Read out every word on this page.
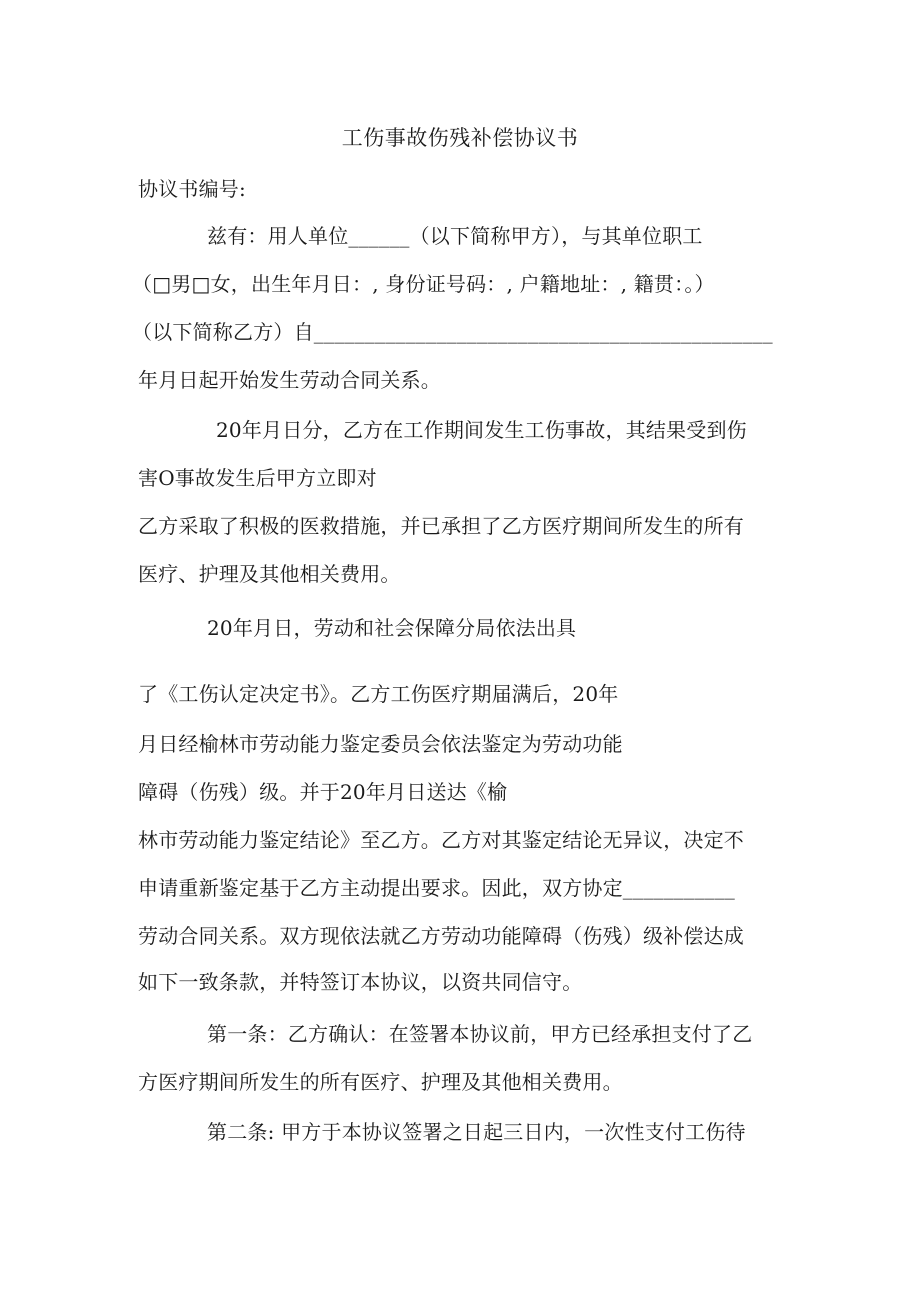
工伤事故伤残补偿协议书
协议书编号:
兹有：用人单位______（以下简称甲方），与其单位职工
（□男□女，出生年月日：, 身份证号码：, 户籍地址：, 籍贯：。）
（以下简称乙方）自_____________________________________________
年月日起开始发生劳动合同关系。
20年月日分，乙方在工作期间发生工伤事故，其结果受到伤
害O事故发生后甲方立即对
乙方采取了积极的医救措施，并已承担了乙方医疗期间所发生的所有
医疗、护理及其他相关费用。
20年月日，劳动和社会保障分局依法出具
了《工伤认定决定书》。乙方工伤医疗期届满后，20年
月日经榆林市劳动能力鉴定委员会依法鉴定为劳动功能
障碍（伤残）级。并于20年月日送达《榆
林市劳动能力鉴定结论》至乙方。乙方对其鉴定结论无异议，决定不
申请重新鉴定基于乙方主动提出要求。因此，双方协定___________
劳动合同关系。双方现依法就乙方劳动功能障碍（伤残）级补偿达成
如下一致条款，并特签订本协议，以资共同信守。
第一条：乙方确认：在签署本协议前，甲方已经承担支付了乙
方医疗期间所发生的所有医疗、护理及其他相关费用。
第二条: 甲方于本协议签署之日起三日内，一次性支付工伤待
